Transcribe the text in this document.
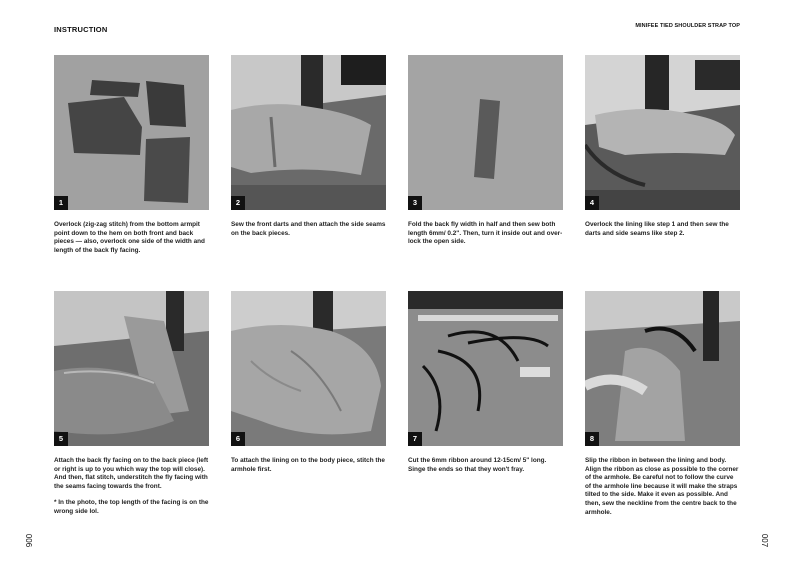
INSTRUCTION	MINIFEE TIED SHOULDER STRAP TOP
1
Overlock (zig-zag stitch) from the bottom armpit point down to the hem on both front and back pieces — also, overlock one side of the width and length of the back fly facing.
2
Sew the front darts and then attach the side seams on the back pieces.
3
Fold the back fly width in half and then sew both length 6mm/ 0.2". Then, turn it inside out and over-lock the open side.
4
Overlock the lining like step 1 and then sew the darts and side seams like step 2.
5
Attach the back fly facing on to the back piece (left or right is up to you which way the top will close). And then, flat stitch, understitch the fly facing with the seams facing towards the front.
* In the photo, the top length of the facing is on the wrong side lol.
6
To attach the lining on to the body piece, stitch the armhole first.
7
Cut the 6mm ribbon around 12-15cm/ 5" long. Singe the ends so that they won't fray.
8
Slip the ribbon in between the lining and body. Align the ribbon as close as possible to the corner of the armhole. Be careful not to follow the curve of the armhole line because it will make the straps tilted to the side. Make it even as possible. And then, sew the neckline from the centre back to the armhole.
006	007
